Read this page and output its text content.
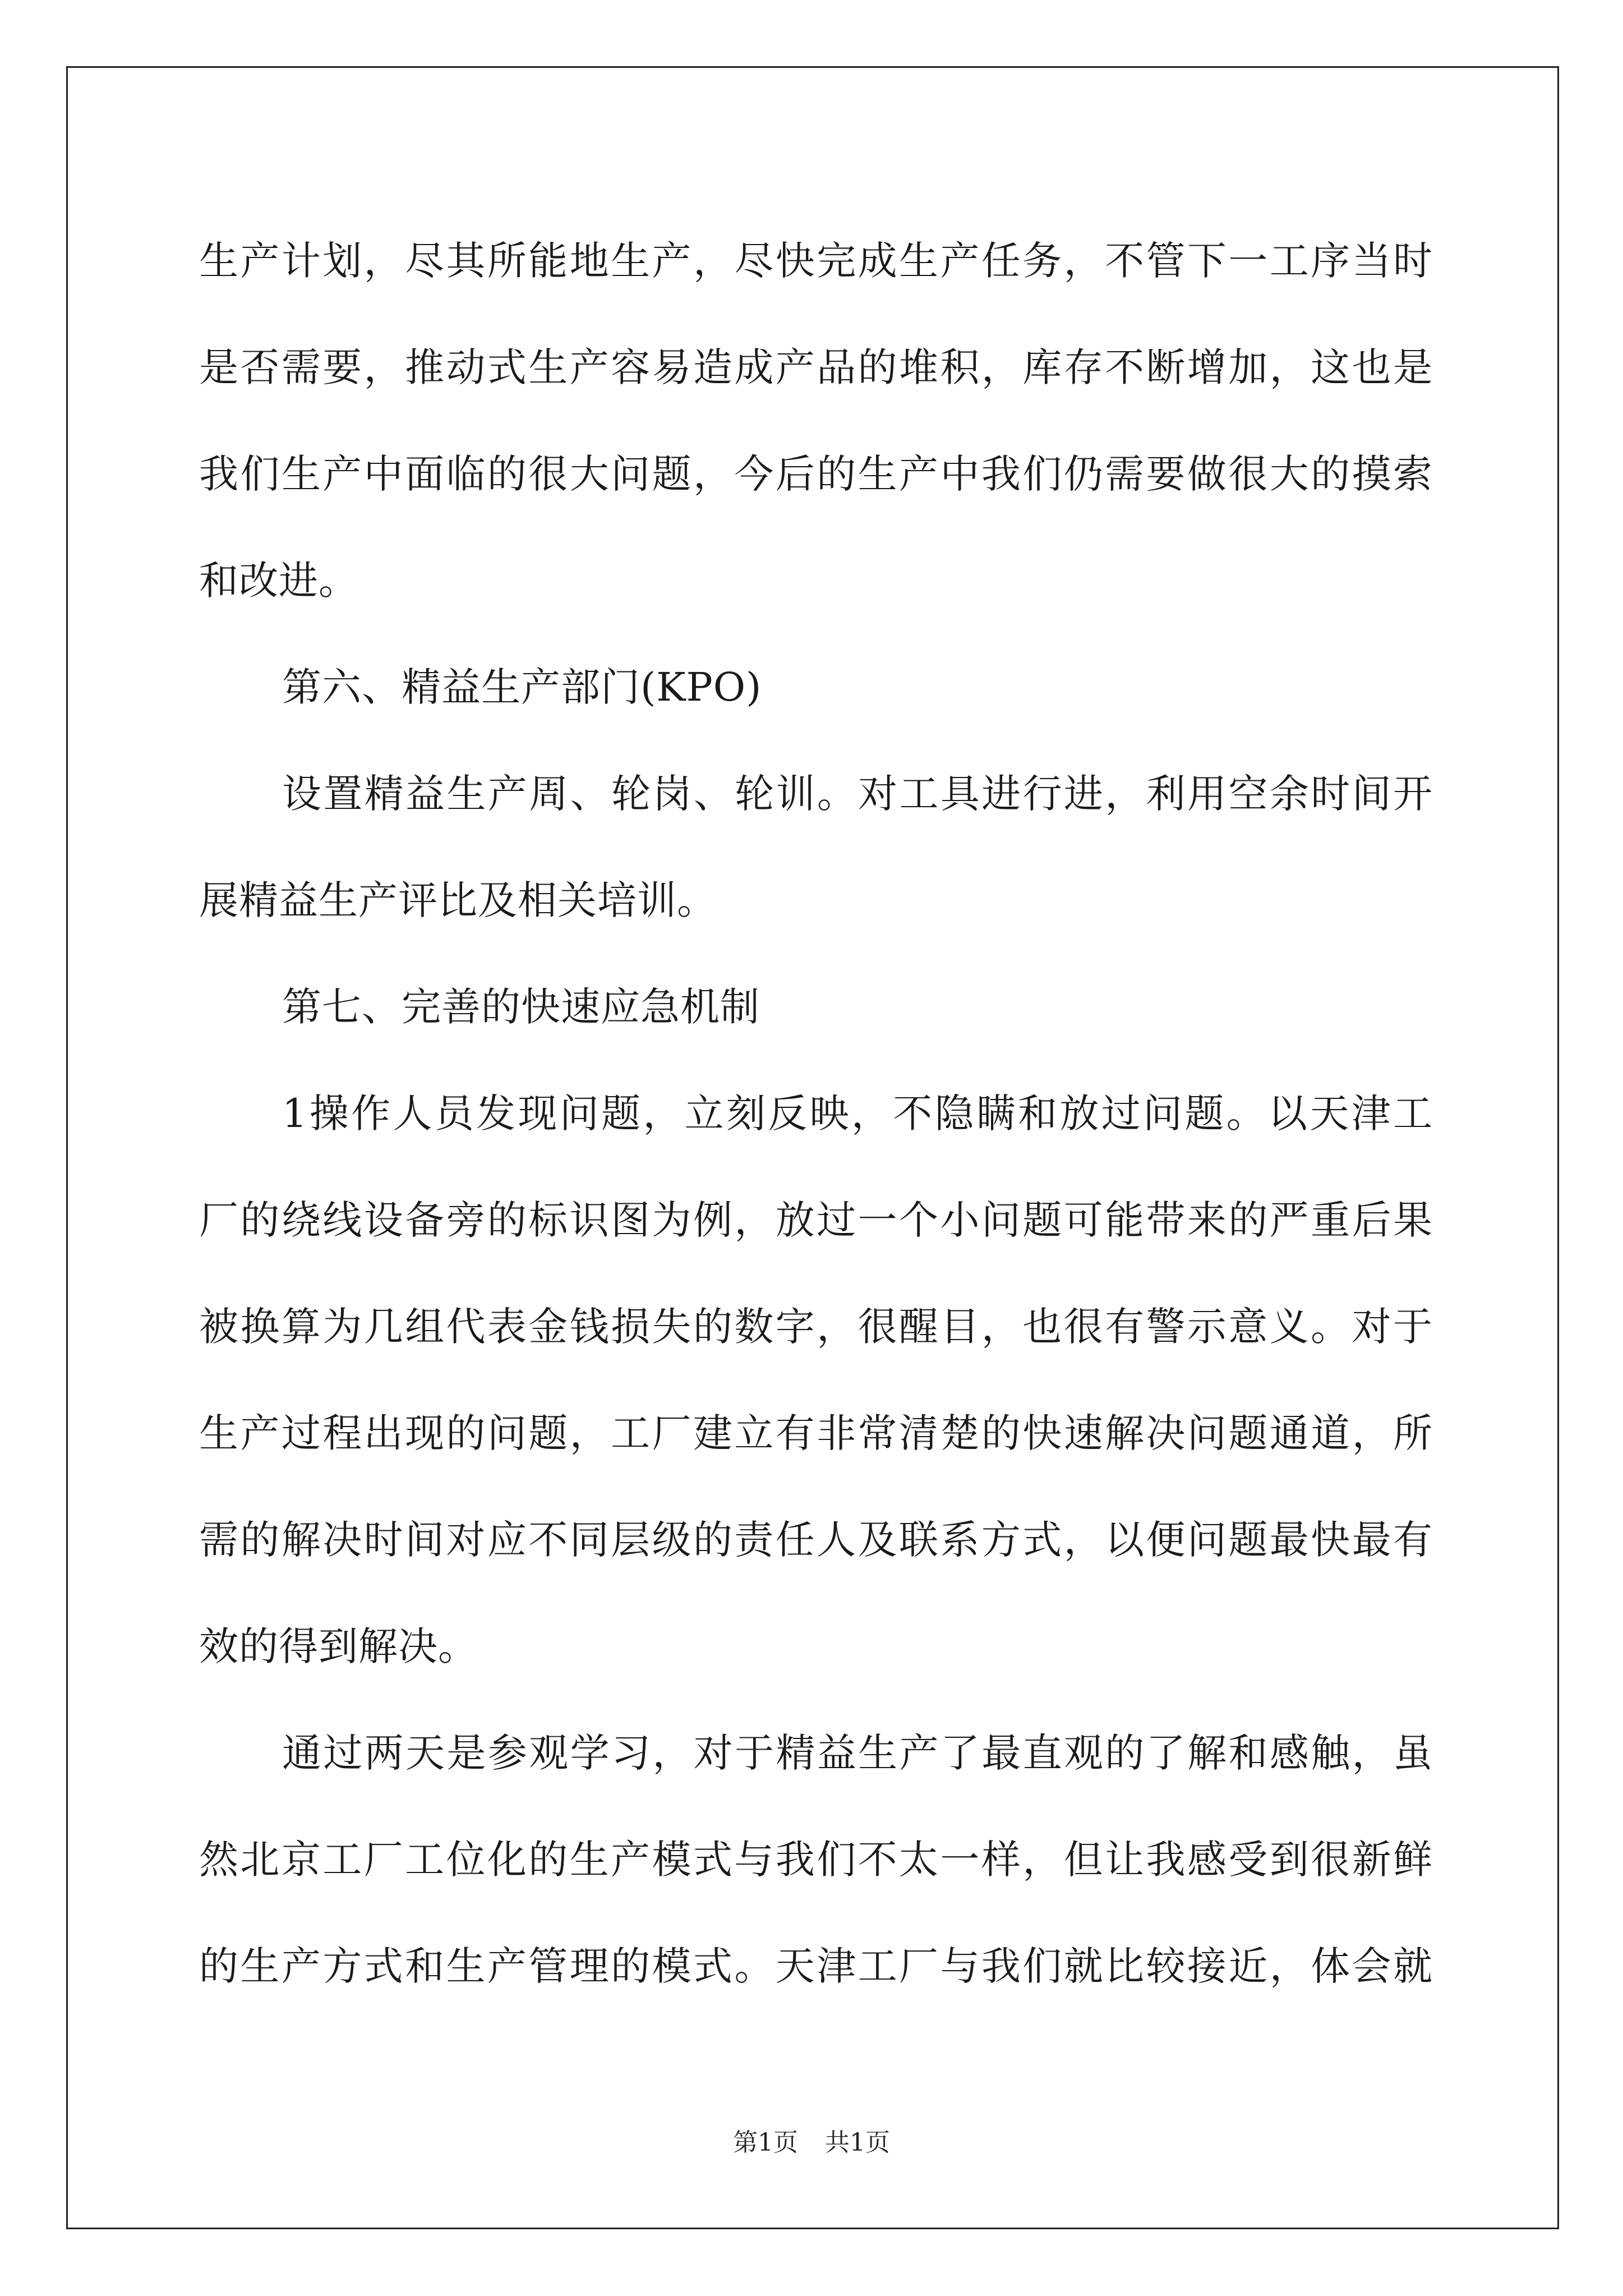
生产计划，尽其所能地生产，尽快完成生产任务，不管下一工序当时
是否需要，推动式生产容易造成产品的堆积，库存不断增加，这也是
我们生产中面临的很大问题，今后的生产中我们仍需要做很大的摸索
和改进。
第六、精益生产部门(KPO)
设置精益生产周、轮岗、轮训。对工具进行进，利用空余时间开
展精益生产评比及相关培训。
第七、完善的快速应急机制
1操作人员发现问题，立刻反映，不隐瞒和放过问题。以天津工
厂的绕线设备旁的标识图为例，放过一个小问题可能带来的严重后果
被换算为几组代表金钱损失的数字，很醒目，也很有警示意义。对于
生产过程出现的问题，工厂建立有非常清楚的快速解决问题通道，所
需的解决时间对应不同层级的责任人及联系方式，以便问题最快最有
效的得到解决。
通过两天是参观学习，对于精益生产了最直观的了解和感触，虽
然北京工厂工位化的生产模式与我们不太一样，但让我感受到很新鲜
的生产方式和生产管理的模式。天津工厂与我们就比较接近，体会就
第1页 共1页
